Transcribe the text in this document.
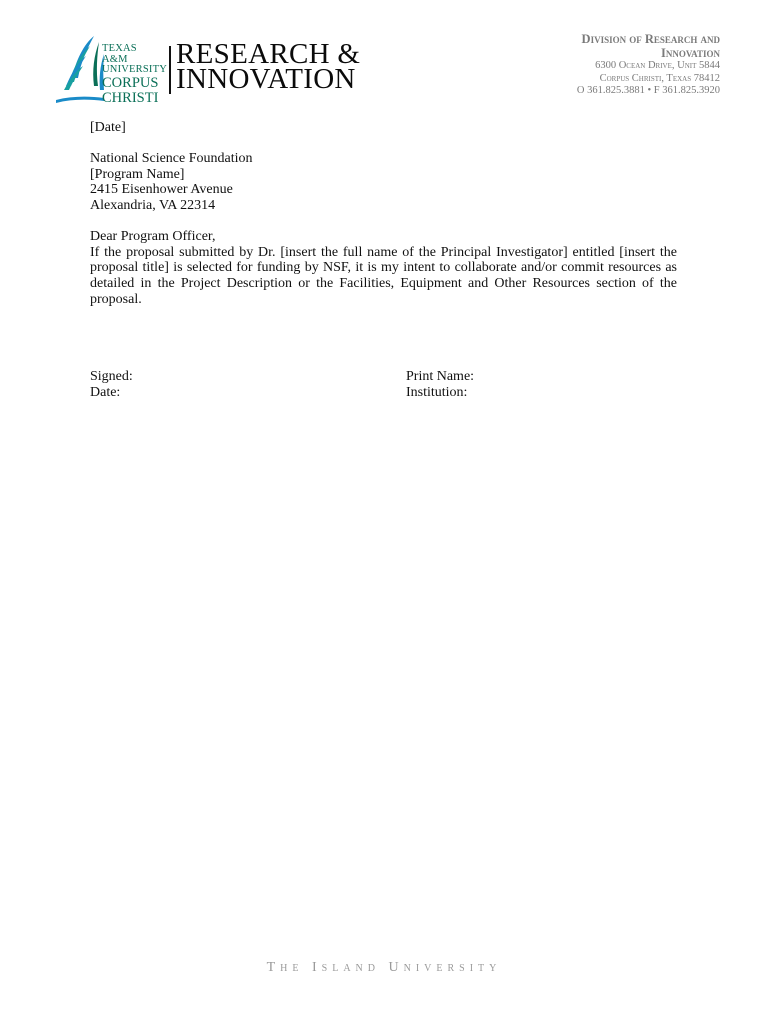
TEXAS A&M
UNIVERSITY
CORPUS
CHRISTI
RESEARCH &
INNOVATION
Division of Research and
Innovation
6300 Ocean Drive, Unit 5844
Corpus Christi, Texas 78412
O 361.825.3881 • F 361.825.3920

[Date]

National Science Foundation

[Program Name]

2415 Eisenhower Avenue

Alexandria, VA 22314

Dear Program Officer,

If the proposal submitted by Dr. [insert the full name of the Principal Investigator] entitled [insert the proposal title] is selected for funding by NSF, it is my intent to collaborate and/or commit resources as detailed in the Project Description or the Facilities, Equipment and Other Resources section of the proposal.

Signed:
Date:
Print Name:
Institution:
The Island University
